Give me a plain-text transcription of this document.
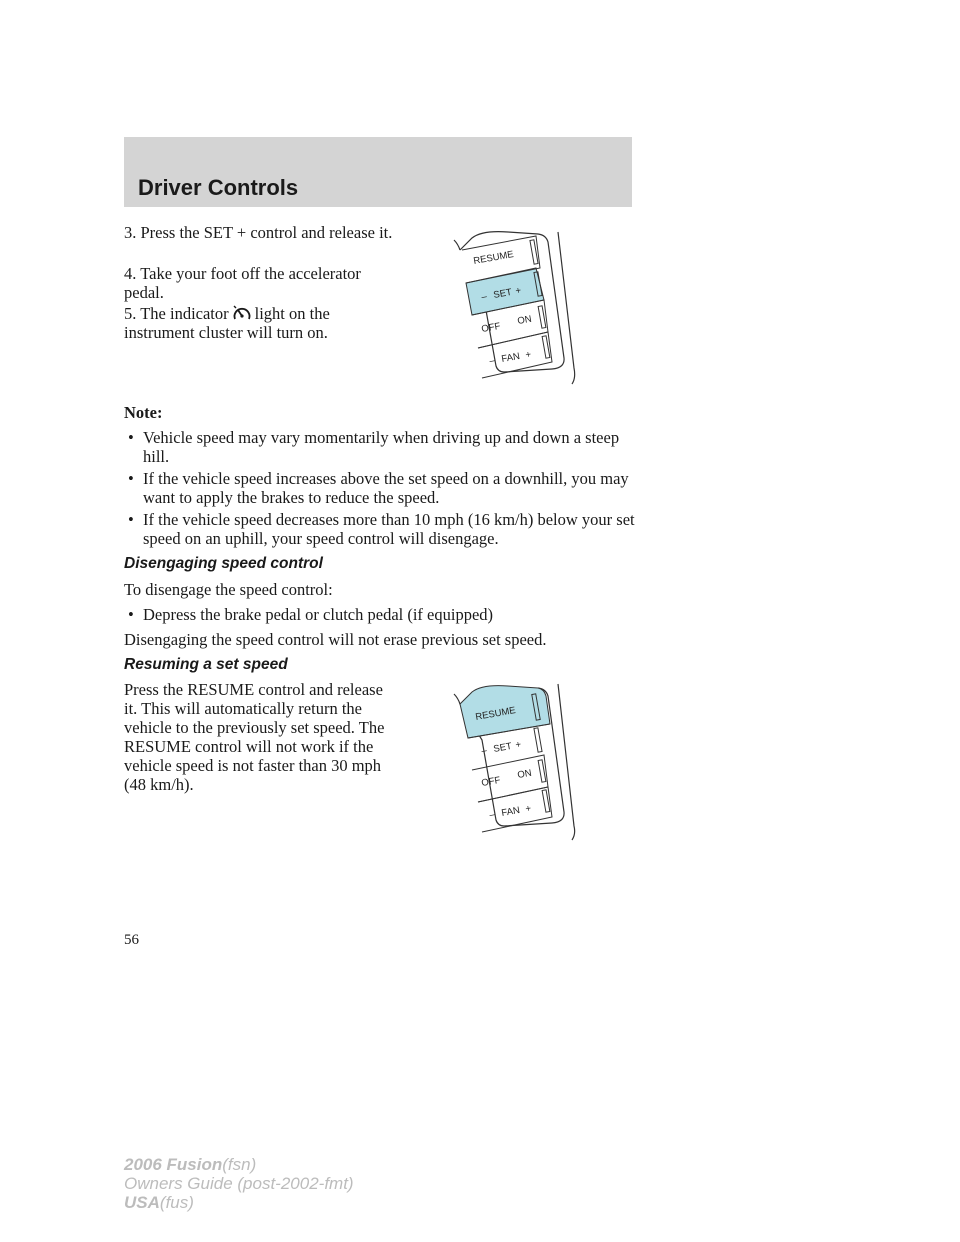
Driver Controls

3. Press the SET + control and release it.

4. Take your foot off the accelerator pedal.

5. The indicator light on the instrument cluster will turn on.

RESUME
– SET +
OFF
ON
– FAN +

Note:

• Vehicle speed may vary momentarily when driving up and down a steep hill.
• If the vehicle speed increases above the set speed on a downhill, you may want to apply the brakes to reduce the speed.
• If the vehicle speed decreases more than 10 mph (16 km/h) below your set speed on an uphill, your speed control will disengage.
Disengaging speed control

To disengage the speed control:

• Depress the brake pedal or clutch pedal (if equipped)

Disengaging the speed control will not erase previous set speed.

Resuming a set speed

Press the RESUME control and release it. This will automatically return the vehicle to the previously set speed. The RESUME control will not work if the vehicle speed is not faster than 30 mph (48 km/h).

RESUME
– SET +
OFF
ON
– FAN +

56

2006 Fusion(fsn)
Owners Guide (post-2002-fmt)
USA(fus)
